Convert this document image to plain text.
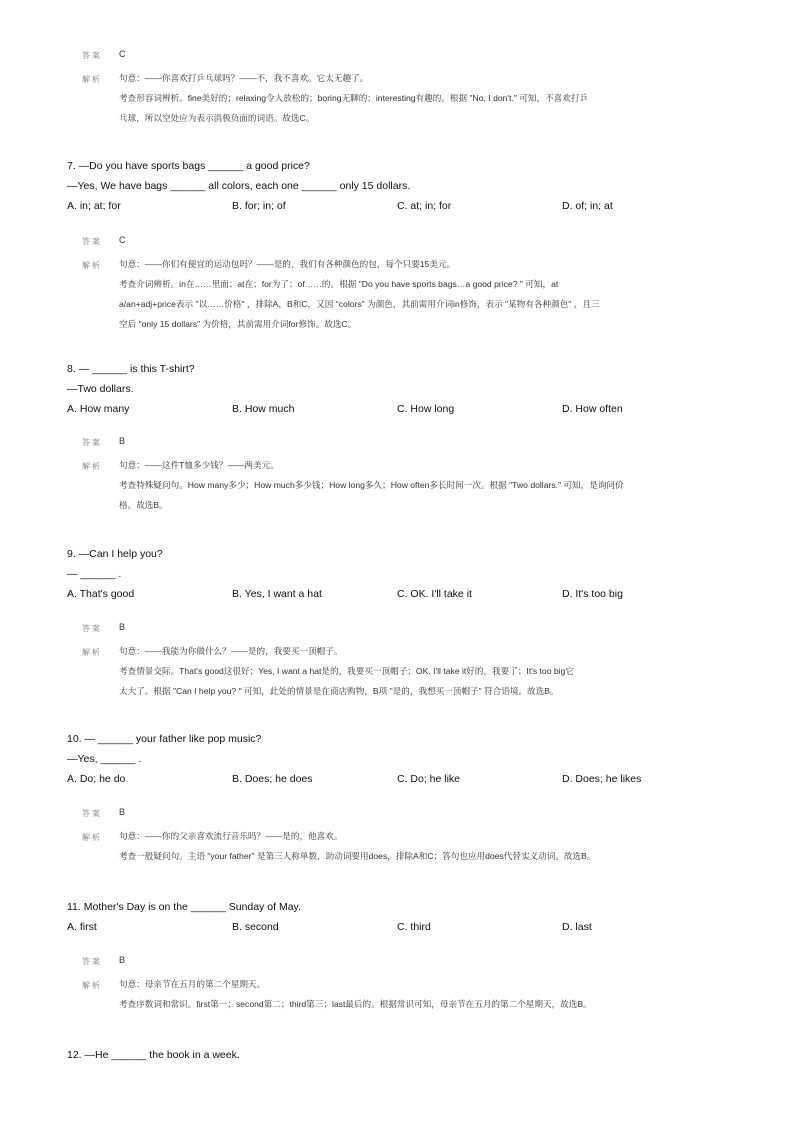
答案 C
解析 句意：——你喜欢打乒乓球吗？——不，我不喜欢。它太无趣了。

考查形容词辨析。fine美好的；relaxing令人放松的；boring无聊的；interesting有趣的。根据 "No, I don't." 可知，不喜欢打乒

乓球，所以空处应为表示消极负面的词语。故选C。

7. —Do you have sports bags ______ a good price?
—Yes, We have bags ______ all colors, each one ______ only 15 dollars.
A. in; at; for	B. for; in; of	C. at; in; for	D. of; in; at
答案 C
解析 句意：——你们有便宜的运动包吗？——是的，我们有各种颜色的包，每个只要15美元。

考查介词辨析。in在……里面；at在；for为了；of……的。根据 "Do you have sports bags…a good price? " 可知，at

a/an+adj+price表示 "以……价格" ，排除A，B和C，又因 "colors" 为颜色，其前需用介词in修饰，表示 "某物有各种颜色" ，且三

空后 "only 15 dollars" 为价格，其前需用介词for修饰。故选C。

8. — ______ is this T-shirt?
—Two dollars.
A. How many	B. How much	C. How long	D. How often
答案 B
解析 句意：——这件T恤多少钱？——两美元。

考查特殊疑问句。How many多少；How much多少钱；How long多久；How often多长时间一次。根据 "Two dollars." 可知，是询问价

格。故选B。

9. —Can I help you?
— ______ .
A. That's good	B. Yes, I want a hat	C. OK. I'll take it	D. It's too big
答案 B
解析 句意：——我能为你做什么？——是的，我要买一顶帽子。

考查情景交际。That's good这很好；Yes, I want a hat是的，我要买一顶帽子；OK. I'll take it好的，我要了；It's too big它

太大了。根据 "Can I help you? " 可知，此处的情景是在商店购物，B项 "是的，我想买一顶帽子" 符合语境。故选B。

10. — ______ your father like pop music?
—Yes, ______ .
A. Do; he do	B. Does; he does	C. Do; he like	D. Does; he likes
答案 B
解析 句意：——你的父亲喜欢流行音乐吗？——是的，他喜欢。

考查一般疑问句。主语 "your father" 是第三人称单数，助动词要用does，排除A和C；答句也应用does代替实义动词。故选B。

11. Mother's Day is on the ______ Sunday of May.
A. first	B. second	C. third	D. last
答案 B
解析 句意：母亲节在五月的第二个星期天。

考查序数词和常识。first第一；second第二；third第三；last最后的。根据常识可知，母亲节在五月的第二个星期天，故选B。

12. —He ______ the book in a week.
